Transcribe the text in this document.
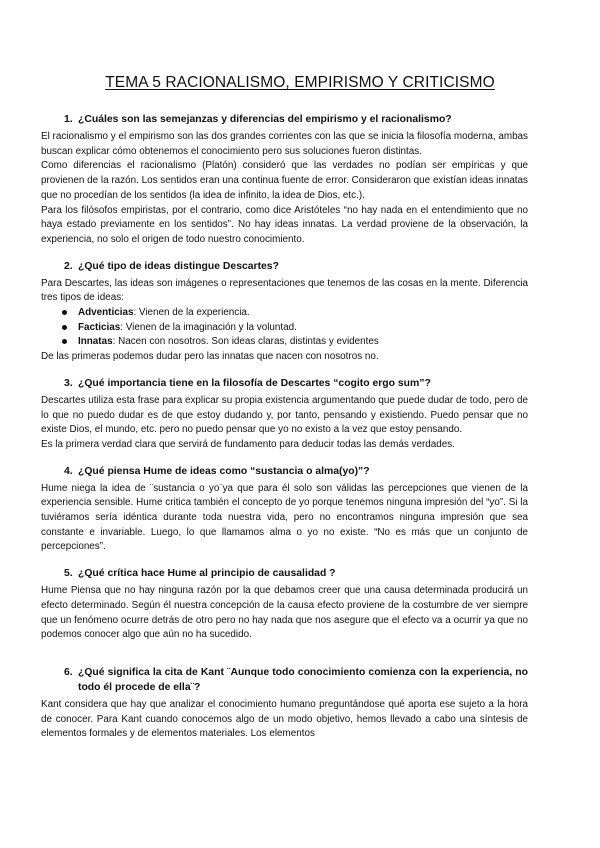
TEMA 5 RACIONALISMO, EMPIRISMO Y CRITICISMO
1. ¿Cuáles son las semejanzas y diferencias del empirismo y el racionalismo?

El racionalismo y el empirismo son las dos grandes corrientes con las que se inicia la filosofía moderna, ambas buscan explicar cómo obtenemos el conocimiento pero sus soluciones fueron distintas.

Como diferencias el racionalismo (Platón) consideró que las verdades no podían ser empíricas y que provienen de la razón. Los sentidos eran una continua fuente de error. Consideraron que existían ideas innatas que no procedían de los sentidos (la idea de infinito, la idea de Dios, etc.).

Para los filósofos empiristas, por el contrario, como dice Aristóteles “no hay nada en el entendimiento que no haya estado previamente en los sentidos”. No hay ideas innatas. La verdad proviene de la observación, la experiencia, no solo el origen de todo nuestro conocimiento.

2. ¿Qué tipo de ideas distingue Descartes?

Para Descartes, las ideas son imágenes o representaciones que tenemos de las cosas en la mente. Diferencia tres tipos de ideas:

Adventicias: Vienen de la experiencia.
Facticias: Vienen de la imaginación y la voluntad.
Innatas: Nacen con nosotros. Son ideas claras, distintas y evidentes

De las primeras podemos dudar pero las innatas que nacen con nosotros no.

3. ¿Qué importancia tiene en la filosofía de Descartes “cogito ergo sum”?

Descartes utiliza esta frase para explicar su propia existencia argumentando que puede dudar de todo, pero de lo que no puedo dudar es de que estoy dudando y, por tanto, pensando y existiendo. Puedo pensar que no existe Dios, el mundo, etc. pero no puedo pensar que yo no existo a la vez que estoy pensando.

Es la primera verdad clara que servirá de fundamento para deducir todas las demás verdades.

4. ¿Qué piensa Hume de ideas como “sustancia o alma(yo)”?

Hume niega la idea de ¨sustancia o yo¨ya que para él solo son válidas las percepciones que vienen de la experiencia sensible. Hume critica también el concepto de yo porque tenemos ninguna impresión del “yo”. Si la tuviéramos sería idéntica durante toda nuestra vida, pero no encontramos ninguna impresión que sea constante e invariable. Luego, lo que llamamos alma o yo no existe. “No es más que un conjunto de percepciones”.

5. ¿Qué crítica hace Hume al principio de causalidad ?

Hume Piensa que no hay ninguna razón por la que debamos creer que una causa determinada producirá un efecto determinado. Según él nuestra concepción de la causa efecto proviene de la costumbre de ver siempre que un fenómeno ocurre detrás de otro pero no hay nada que nos asegure que el efecto va a ocurrir ya que no podemos conocer algo que aún no ha sucedido.

6. ¿Qué significa la cita de Kant ¨Aunque todo conocimiento comienza con la experiencia, no todo él procede de ella¨?

Kant considera que hay que analizar el conocimiento humano preguntándose qué aporta ese sujeto a la hora de conocer. Para Kant cuando conocemos algo de un modo objetivo, hemos llevado a cabo una síntesis de elementos formales y de elementos materiales. Los elementos
